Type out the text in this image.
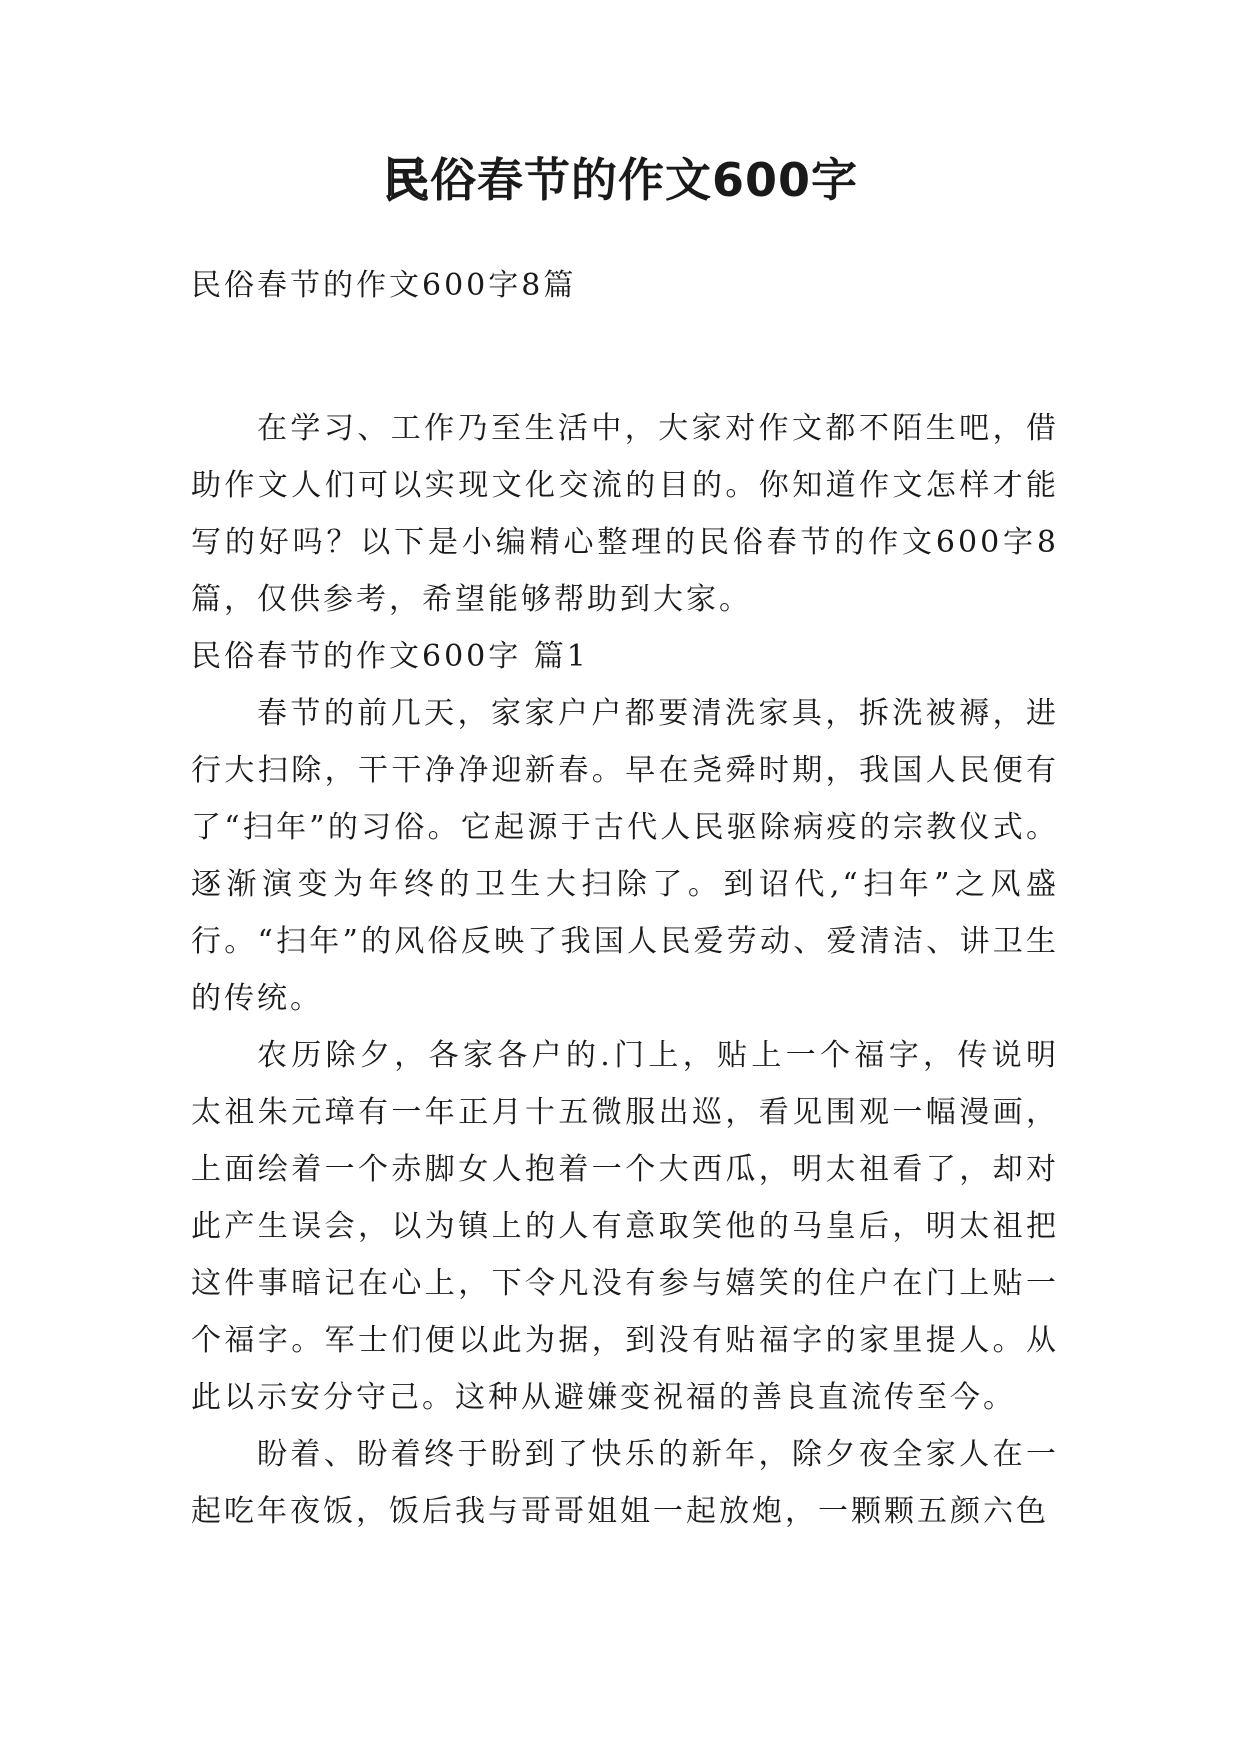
民俗春节的作文600字
民俗春节的作文600字8篇

在学习、工作乃至生活中，大家对作文都不陌生吧，借助作文人们可以实现文化交流的目的。你知道作文怎样才能写的好吗？以下是小编精心整理的民俗春节的作文600字8篇，仅供参考，希望能够帮助到大家。

民俗春节的作文600字 篇1

春节的前几天，家家户户都要清洗家具，拆洗被褥，进行大扫除，干干净净迎新春。早在尧舜时期，我国人民便有了“扫年”的习俗。它起源于古代人民驱除病疫的宗教仪式。逐渐演变为年终的卫生大扫除了。到诏代,“扫年”之风盛行。“扫年”的风俗反映了我国人民爱劳动、爱清洁、讲卫生的传统。

农历除夕，各家各户的.门上，贴上一个福字，传说明太祖朱元璋有一年正月十五微服出巡，看见围观一幅漫画，上面绘着一个赤脚女人抱着一个大西瓜，明太祖看了，却对此产生误会，以为镇上的人有意取笑他的马皇后，明太祖把这件事暗记在心上，下令凡没有参与嬉笑的住户在门上贴一个福字。军士们便以此为据，到没有贴福字的家里提人。从此以示安分守己。这种从避嫌变祝福的善良直流传至今。

盼着、盼着终于盼到了快乐的新年，除夕夜全家人在一起吃年夜饭，饭后我与哥哥姐姐一起放炮，一颗颗五颜六色
